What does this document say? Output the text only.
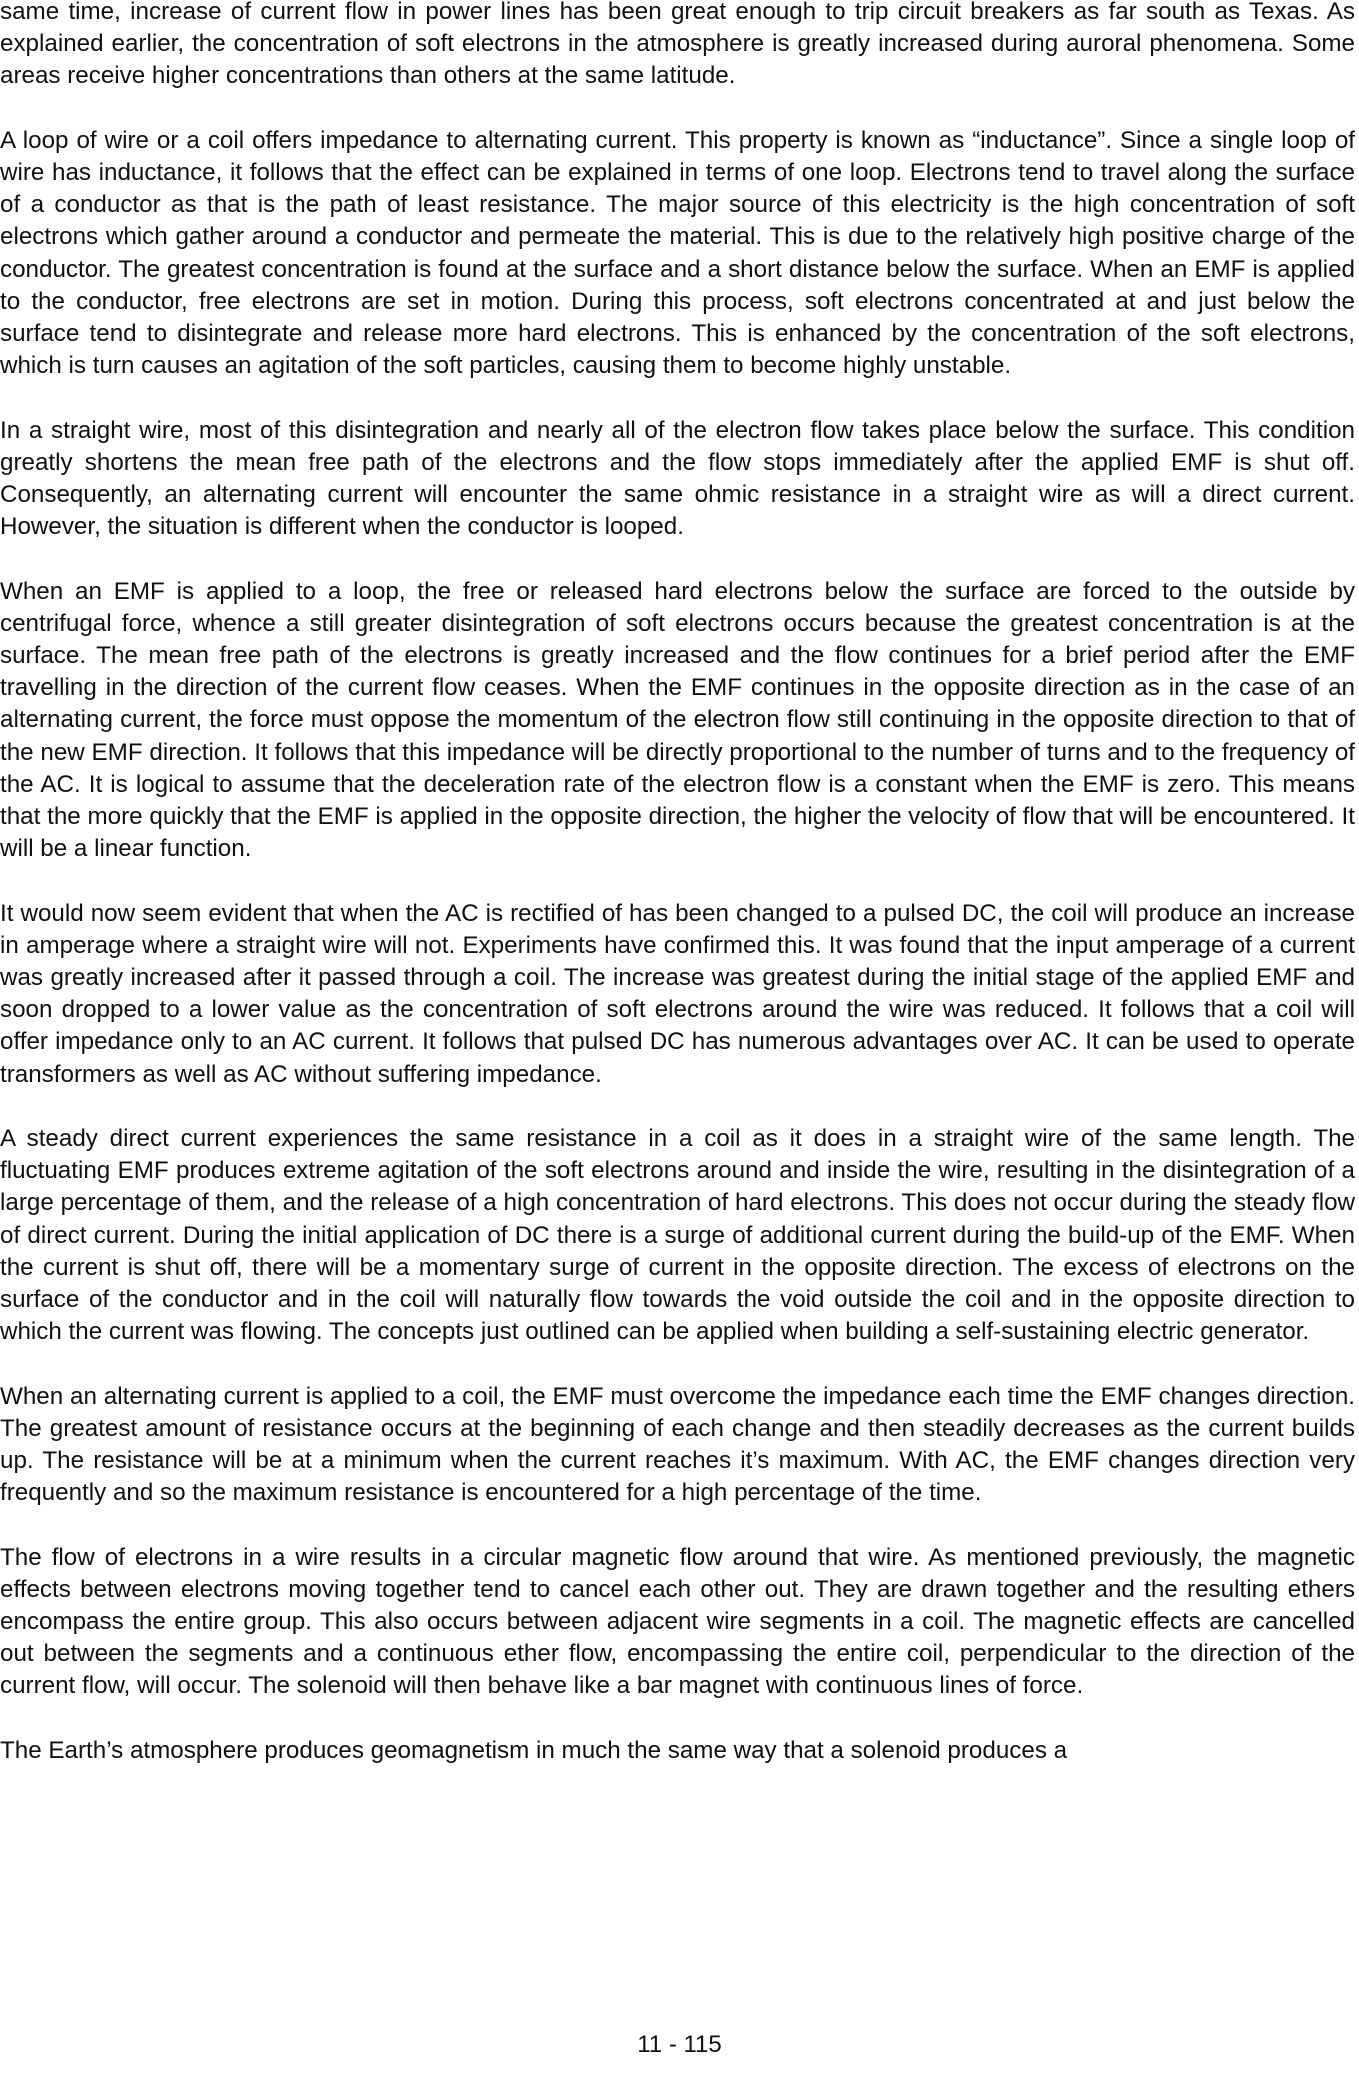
same time, increase of current flow in power lines has been great enough to trip circuit breakers as far south as Texas. As explained earlier, the concentration of soft electrons in the atmosphere is greatly increased during auroral phenomena. Some areas receive higher concentrations than others at the same latitude.

A loop of wire or a coil offers impedance to alternating current. This property is known as “inductance”. Since a single loop of wire has inductance, it follows that the effect can be explained in terms of one loop. Electrons tend to travel along the surface of a conductor as that is the path of least resistance. The major source of this electricity is the high concentration of soft electrons which gather around a conductor and permeate the material. This is due to the relatively high positive charge of the conductor. The greatest concentration is found at the surface and a short distance below the surface. When an EMF is applied to the conductor, free electrons are set in motion. During this process, soft electrons concentrated at and just below the surface tend to disintegrate and release more hard electrons. This is enhanced by the concentration of the soft electrons, which is turn causes an agitation of the soft particles, causing them to become highly unstable.

In a straight wire, most of this disintegration and nearly all of the electron flow takes place below the surface. This condition greatly shortens the mean free path of the electrons and the flow stops immediately after the applied EMF is shut off. Consequently, an alternating current will encounter the same ohmic resistance in a straight wire as will a direct current. However, the situation is different when the conductor is looped.

When an EMF is applied to a loop, the free or released hard electrons below the surface are forced to the outside by centrifugal force, whence a still greater disintegration of soft electrons occurs because the greatest concentration is at the surface. The mean free path of the electrons is greatly increased and the flow continues for a brief period after the EMF travelling in the direction of the current flow ceases. When the EMF continues in the opposite direction as in the case of an alternating current, the force must oppose the momentum of the electron flow still continuing in the opposite direction to that of the new EMF direction. It follows that this impedance will be directly proportional to the number of turns and to the frequency of the AC. It is logical to assume that the deceleration rate of the electron flow is a constant when the EMF is zero. This means that the more quickly that the EMF is applied in the opposite direction, the higher the velocity of flow that will be encountered. It will be a linear function.

It would now seem evident that when the AC is rectified of has been changed to a pulsed DC, the coil will produce an increase in amperage where a straight wire will not. Experiments have confirmed this. It was found that the input amperage of a current was greatly increased after it passed through a coil. The increase was greatest during the initial stage of the applied EMF and soon dropped to a lower value as the concentration of soft electrons around the wire was reduced. It follows that a coil will offer impedance only to an AC current. It follows that pulsed DC has numerous advantages over AC. It can be used to operate transformers as well as AC without suffering impedance.

A steady direct current experiences the same resistance in a coil as it does in a straight wire of the same length. The fluctuating EMF produces extreme agitation of the soft electrons around and inside the wire, resulting in the disintegration of a large percentage of them, and the release of a high concentration of hard electrons. This does not occur during the steady flow of direct current. During the initial application of DC there is a surge of additional current during the build-up of the EMF. When the current is shut off, there will be a momentary surge of current in the opposite direction. The excess of electrons on the surface of the conductor and in the coil will naturally flow towards the void outside the coil and in the opposite direction to which the current was flowing. The concepts just outlined can be applied when building a self-sustaining electric generator.

When an alternating current is applied to a coil, the EMF must overcome the impedance each time the EMF changes direction. The greatest amount of resistance occurs at the beginning of each change and then steadily decreases as the current builds up. The resistance will be at a minimum when the current reaches it’s maximum. With AC, the EMF changes direction very frequently and so the maximum resistance is encountered for a high percentage of the time.

The flow of electrons in a wire results in a circular magnetic flow around that wire. As mentioned previously, the magnetic effects between electrons moving together tend to cancel each other out. They are drawn together and the resulting ethers encompass the entire group. This also occurs between adjacent wire segments in a coil. The magnetic effects are cancelled out between the segments and a continuous ether flow, encompassing the entire coil, perpendicular to the direction of the current flow, will occur. The solenoid will then behave like a bar magnet with continuous lines of force.

The Earth’s atmosphere produces geomagnetism in much the same way that a solenoid produces a

11 - 115
